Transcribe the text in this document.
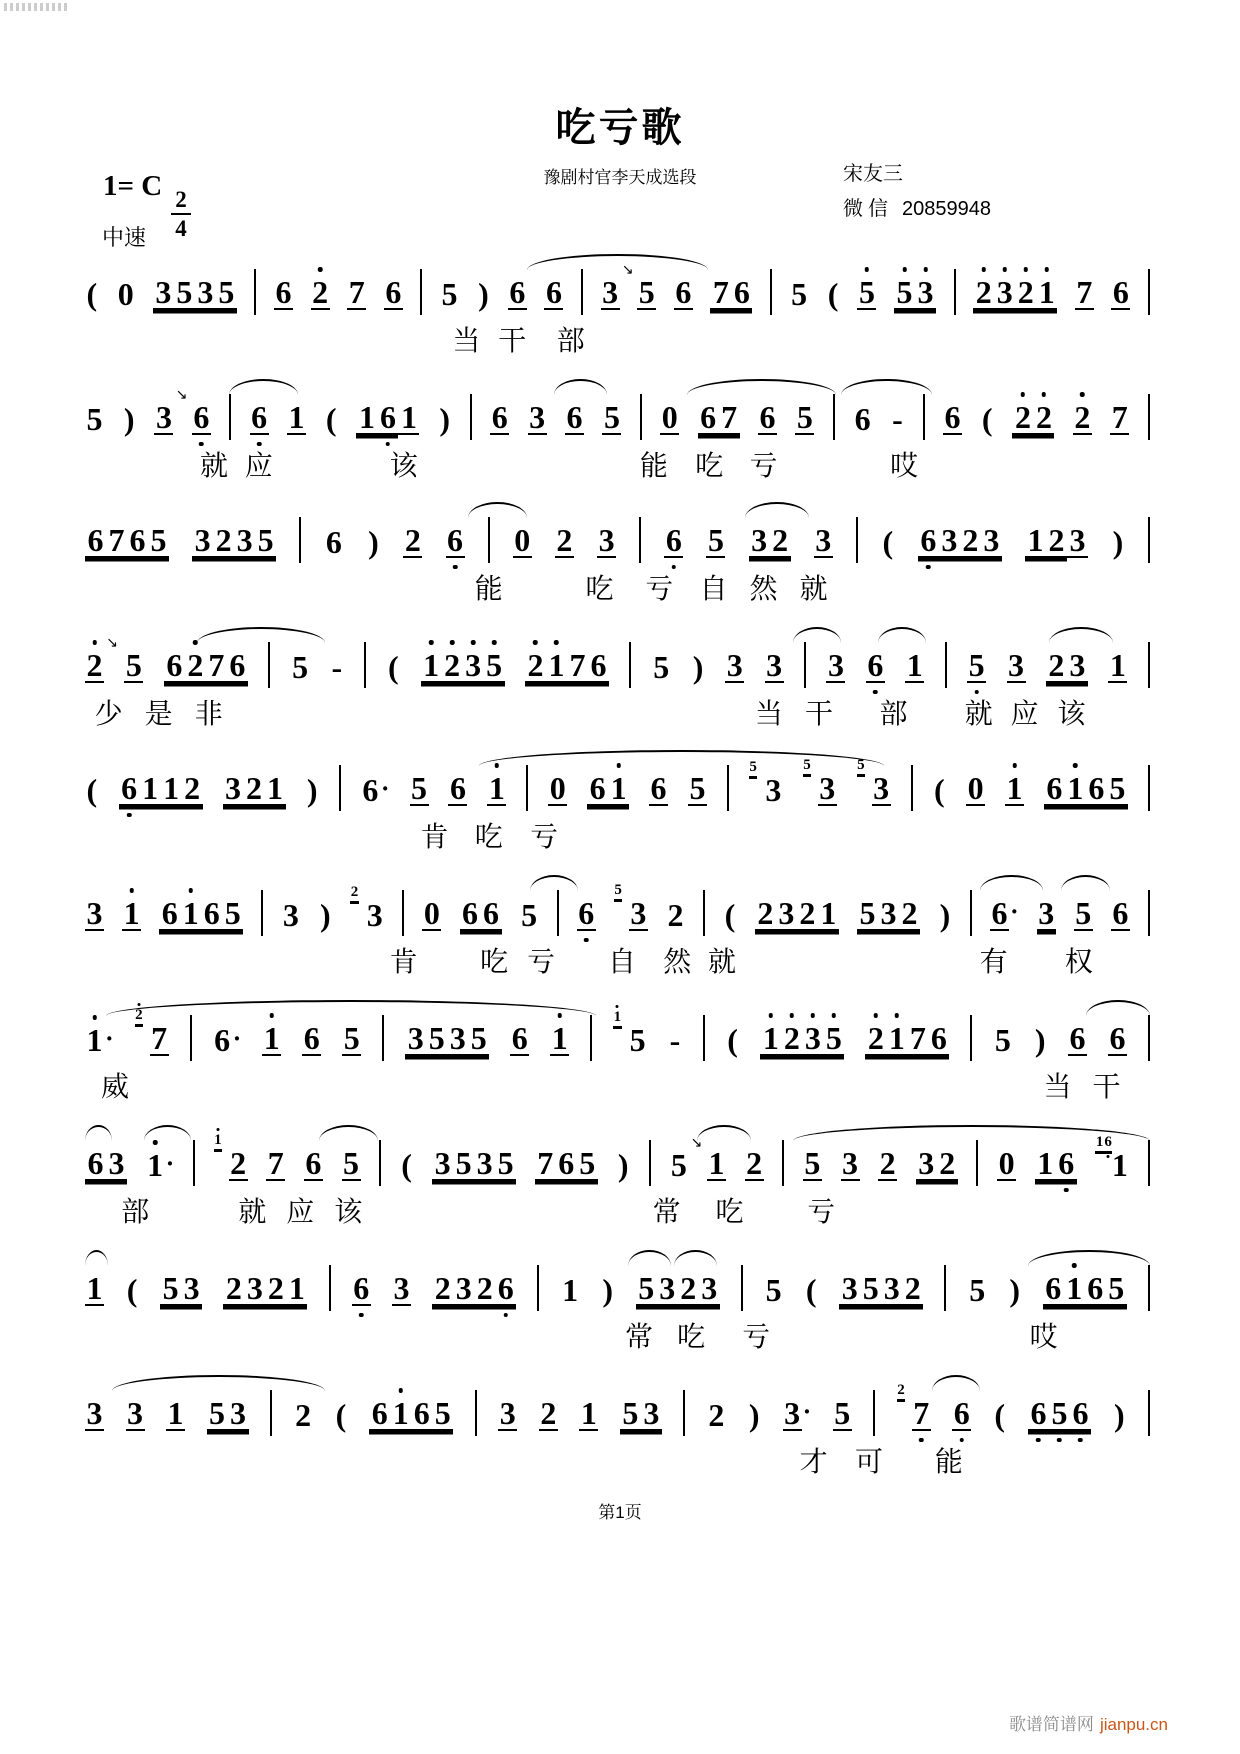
吃亏歌
豫剧村官李天成选段	宋友三
微 信 20859948
1= C
$\frac{2}{4}$
中速
( 0 3 5 3 5 6 2 7 6 5 ) 6 6 3
↘
5 6 7 6 5 ( 5 5 3 2 3 2 1 7 6
当 干 部
5 ) 3
↘
6 6 1 ( 1 6 1 ) 6 3 6 5 0 6 7 6 5 6 - 6 ( 2 2 2 7
就 应	该	能 吃 亏	哎
6 7 6 5 3 2 3 5 6 ) 2 6 0 2 3 6 5 3 2 3 ( 6 3 2 3 1 2 3 )
能	吃 亏 自 然 就
2
↘
5 6 2 7 6 5 - ( 1 2 3 5 2 1 7 6 5 ) 3 3 3 6 1 5 3 2 3 1
少 是 非	当 干 部 就 应 该
( 6 1 1 2 3 2 1 ) 6· 5 6 1 0 6 1 6 5
5
3
5
3
5
3 ( 0 1 6 1 6 5
肯 吃 亏
3 1 6 1 6 5 3 )
2
3 0 6 6 5 6
5
3 2 ( 2 3 2 1 5 3 2 ) 6· 3 5 6
肯 吃 亏 自 然 就	有 权
1·
2
7 6· 1 6 5 3 5 3 5 6 1
1
5 - ( 1 2 3 5 2 1 7 6 5 ) 6 6
威	当 干
6 3 1·
1
2 7 6 5 ( 3 5 3 5 7 6 5 ) 5
↘
1 2 5 3 2 3 2 0 1 6
1 6
1
部	就 应 该	常 吃 亏
1 ( 5 3 2 3 2 1 6 3 2 3 2 6 1 ) 5 3 2 3 5 ( 3 5 3 2 5 ) 6 1 6 5
常 吃 亏	哎
3 3 1 5 3 2 ( 6 1 6 5 3 2 1 5 3 2 ) 3· 5
2
7 6 ( 6 5 6 )
才 可 能
第1页
歌谱简谱网 jianpu.cn
